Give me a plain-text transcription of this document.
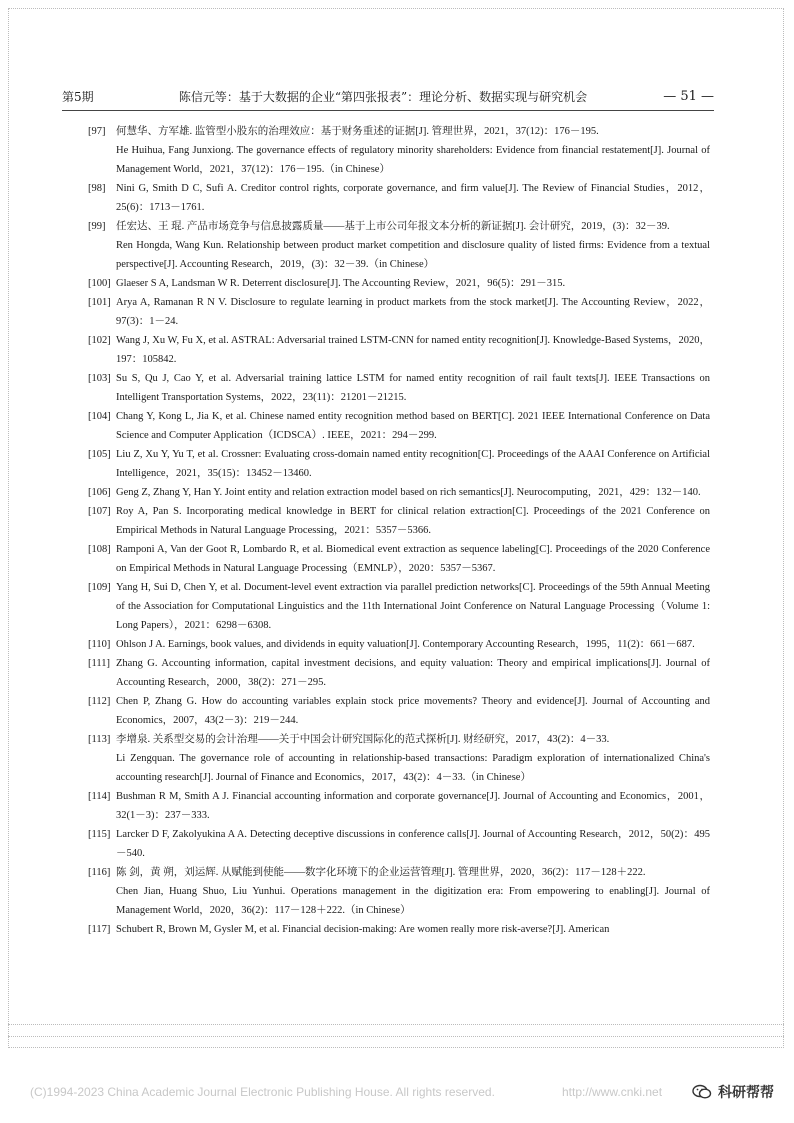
第5期	陈信元等：基于大数据的企业“第四张报表”：理论分析、数据实现与研究机会	— 51 —
[97] 何慧华、方军雄. 监管型小股东的治理效应：基于财务重述的证据[J]. 管理世界，2021，37(12)：176－195.

He Huihua, Fang Junxiong. The governance effects of regulatory minority shareholders: Evidence from financial restatement[J]. Journal of Management World，2021，37(12)：176－195.（in Chinese）

[98] Nini G, Smith D C, Sufi A. Creditor control rights, corporate governance, and firm value[J]. The Review of Financial Studies，2012，25(6)：1713－1761.

[99] 任宏达、王 琨. 产品市场竞争与信息披露质量——基于上市公司年报文本分析的新证据[J]. 会计研究，2019，(3)：32－39.

Ren Hongda, Wang Kun. Relationship between product market competition and disclosure quality of listed firms: Evidence from a textual perspective[J]. Accounting Research，2019，(3)：32－39.（in Chinese）

[100] Glaeser S A, Landsman W R. Deterrent disclosure[J]. The Accounting Review，2021，96(5)：291－315.

[101] Arya A, Ramanan R N V. Disclosure to regulate learning in product markets from the stock market[J]. The Accounting Review，2022，97(3)：1－24.

[102] Wang J, Xu W, Fu X, et al. ASTRAL: Adversarial trained LSTM-CNN for named entity recognition[J]. Knowledge-Based Systems，2020，197：105842.

[103] Su S, Qu J, Cao Y, et al. Adversarial training lattice LSTM for named entity recognition of rail fault texts[J]. IEEE Transactions on Intelligent Transportation Systems，2022，23(11)：21201－21215.

[104] Chang Y, Kong L, Jia K, et al. Chinese named entity recognition method based on BERT[C]. 2021 IEEE International Conference on Data Science and Computer Application（ICDSCA）. IEEE，2021：294－299.

[105] Liu Z, Xu Y, Yu T, et al. Crossner: Evaluating cross-domain named entity recognition[C]. Proceedings of the AAAI Conference on Artificial Intelligence，2021，35(15)：13452－13460.

[106] Geng Z, Zhang Y, Han Y. Joint entity and relation extraction model based on rich semantics[J]. Neurocomputing，2021，429：132－140.

[107] Roy A, Pan S. Incorporating medical knowledge in BERT for clinical relation extraction[C]. Proceedings of the 2021 Conference on Empirical Methods in Natural Language Processing，2021：5357－5366.

[108] Ramponi A, Van der Goot R, Lombardo R, et al. Biomedical event extraction as sequence labeling[C]. Proceedings of the 2020 Conference on Empirical Methods in Natural Language Processing（EMNLP），2020：5357－5367.

[109] Yang H, Sui D, Chen Y, et al. Document-level event extraction via parallel prediction networks[C]. Proceedings of the 59th Annual Meeting of the Association for Computational Linguistics and the 11th International Joint Conference on Natural Language Processing（Volume 1: Long Papers），2021：6298－6308.

[110] Ohlson J A. Earnings, book values, and dividends in equity valuation[J]. Contemporary Accounting Research，1995，11(2)：661－687.

[111] Zhang G. Accounting information, capital investment decisions, and equity valuation: Theory and empirical implications[J]. Journal of Accounting Research，2000，38(2)：271－295.

[112] Chen P, Zhang G. How do accounting variables explain stock price movements? Theory and evidence[J]. Journal of Accounting and Economics，2007，43(2－3)：219－244.

[113] 李增泉. 关系型交易的会计治理——关于中国会计研究国际化的范式探析[J]. 财经研究，2017，43(2)：4－33.

Li Zengquan. The governance role of accounting in relationship-based transactions: Paradigm exploration of internationalized China's accounting research[J]. Journal of Finance and Economics，2017，43(2)：4－33.（in Chinese）

[114] Bushman R M, Smith A J. Financial accounting information and corporate governance[J]. Journal of Accounting and Economics，2001，32(1－3)：237－333.

[115] Larcker D F, Zakolyukina A A. Detecting deceptive discussions in conference calls[J]. Journal of Accounting Research，2012，50(2)：495－540.

[116] 陈 剑，黄 朔，刘运辉. 从赋能到使能——数字化环境下的企业运营管理[J]. 管理世界，2020，36(2)：117－128＋222.

Chen Jian, Huang Shuo, Liu Yunhui. Operations management in the digitization era: From empowering to enabling[J]. Journal of Management World，2020，36(2)：117－128＋222.（in Chinese）

[117] Schubert R, Brown M, Gysler M, et al. Financial decision-making: Are women really more risk-averse?[J]. American

(C)1994-2023 China Academic Journal Electronic Publishing House. All rights reserved.	http://www.cnki.net	科研帮帮
